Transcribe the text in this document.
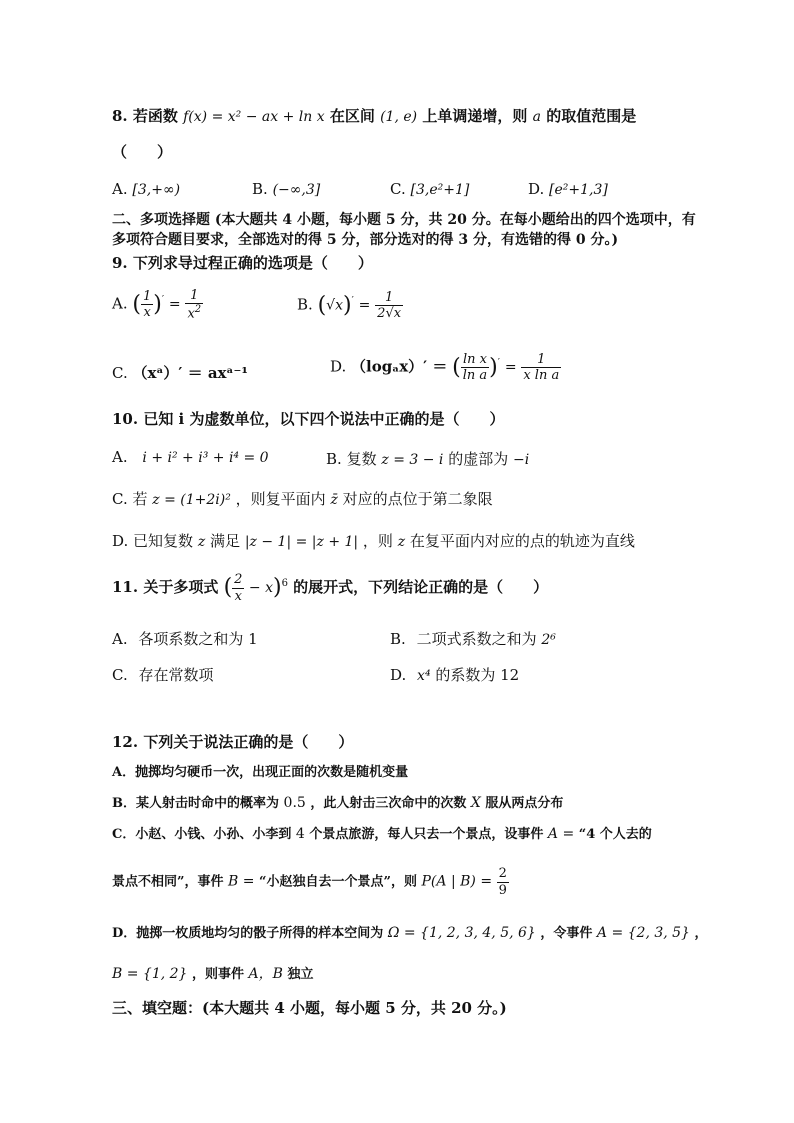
8. 若函数 f(x) = x² − ax + ln x 在区间 (1, e) 上单调递增，则 a 的取值范围是
（　　）
A. [3,+∞)	B. (−∞,3]	C. [3,e²+1]	D. [e²+1,3]
二、多项选择题 (本大题共 4 小题，每小题 5 分，共 20 分。在每小题给出的四个选项中，有
多项符合题目要求，全部选对的得 5 分，部分选对的得 3 分，有选错的得 0 分。)
9. 下列求导过程正确的选项是（　　）
A. ( $\frac{1}{x} )' = \frac{1}{x^2}$	B. $(√x)' = \frac{1}{2√x}$
C. （xᵃ）′ ＝ axᵃ⁻¹	D. （logₐx）′ ＝ ( $\frac{\text{ln x}}{\text{ln a}} )' = \frac{1}{\text{x ln a}}$
10. 已知 i 为虚数单位，以下四个说法中正确的是（　　）
A. i + i² + i³ + i⁴ = 0	B. 复数 z = 3 − i 的虚部为 −i
C. 若 z = (1+2i)² ，则复平面内 z̄ 对应的点位于第二象限
D. 已知复数 z 满足 |z − 1| = |z + 1| ，则 z 在复平面内对应的点的轨迹为直线
11. 关于多项式 ( $\frac{2}{x} - x)^6$ 的展开式，下列结论正确的是（　　）
A. 各项系数之和为 1	B. 二项式系数之和为 2⁶
C. 存在常数项	D. x⁴ 的系数为 12
12. 下列关于说法正确的是（　　）
A．抛掷均匀硬币一次，出现正面的次数是随机变量
B．某人射击时命中的概率为 0.5 ，此人射击三次命中的次数 X 服从两点分布
C．小赵、小钱、小孙、小李到 4 个景点旅游，每人只去一个景点，设事件 A = “4 个人去的
景点不相同”，事件 B = “小赵独自去一个景点”，则 P(A | $B) = \frac{2}{9}$
D．抛掷一枚质地均匀的骰子所得的样本空间为 Ω = {1, 2, 3, 4, 5, 6} ，令事件 A = {2, 3, 5} ，
B = {1, 2} ，则事件 A，B 独立
三、填空题：(本大题共 4 小题，每小题 5 分，共 20 分。)
